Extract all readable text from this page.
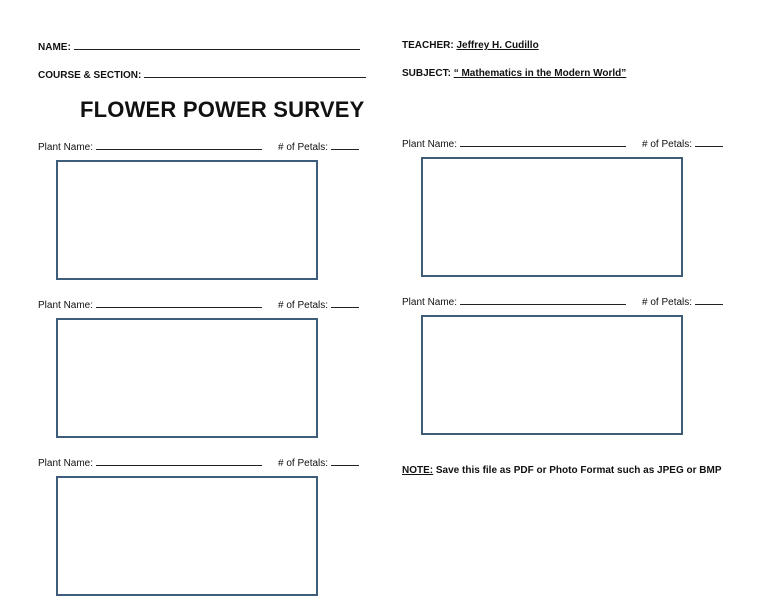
NAME:
COURSE & SECTION:
TEACHER: Jeffrey H. Cudillo
SUBJECT: “ Mathematics in the Modern World”
FLOWER POWER SURVEY
Plant Name:	# of Petals:
Plant Name:	# of Petals:
Plant Name:	# of Petals:
Plant Name:	# of Petals:
Plant Name:	# of Petals:
NOTE: Save this file as PDF or Photo Format such as JPEG or BMP
